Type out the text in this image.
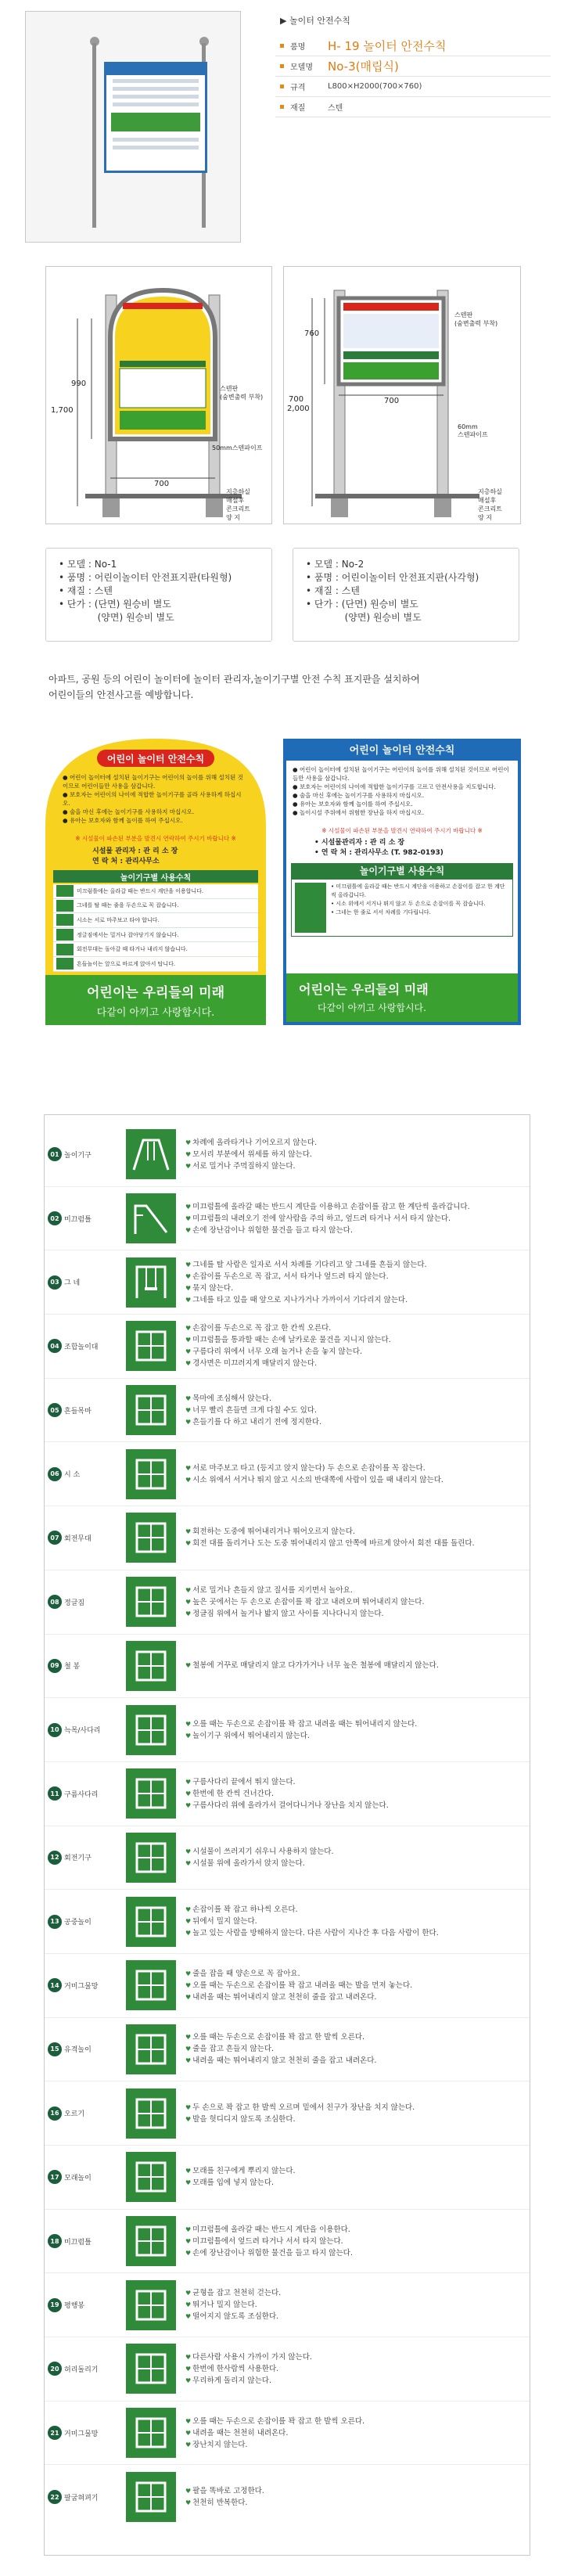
▶ 놀이터 안전수칙
품명	H- 19 놀이터 안전수칙
모델명	No-3(매립식)
규격	L800×H2000(700×760)
재질	스텐
1,700
990
700
스텐판
(숨변출력 부착)
50mm스텐파이프
지층하실
매설후
콘크리트
양 지
2,000
760
700	700
스텐판
(숨변출력 부착)
60mm
스텐파이프
지층하실
매설후
콘크리트
양 지
• 모델 : No-1
• 품명 : 어린이놀이터 안전표지판(타원형)
• 재질 : 스텐
• 단가 : (단면) 원승비 별도
(양면) 원승비 별도
• 모델 : No-2
• 품명 : 어린이놀이터 안전표지판(사각형)
• 재질 : 스텐
• 단가 : (단면) 원승비 별도
(양면) 원승비 별도
아파트, 공원 등의 어린이 놀이터에 놀이터 관리자,놀이기구별 안전 수칙 표지판을 설치하여
어린이들의 안전사고를 예방합니다.
어린이 놀이터 안전수칙
● 어린이 놀이터에 설치된 놀이기구는 어린이의 놀이를 위해 설치된 것이므로 어린이들만 사용을 삼갑니다.
● 보호자는 어린이의 나이에 적합한 놀이기구를 골라 사용하게 하십시오.
● 술을 마신 후에는 놀이기구를 사용하지 마십시오.
● 유아는 보호자와 함께 놀이를 하여 주십시오.
※ 시설물이 파손된 부분을 발견시 연락하여 주시기 바랍니다 ※
시설물 관리자 : 관 리 소 장
연 락 처 : 관리사무소
놀이기구별 사용수칙
미끄럼틀에는 올라갈 때는 반드시 계단을 이용합니다.
그네를 탈 때는 줄을 두손으로 꼭 잡습니다.
시소는 서로 마주보고 타야 합니다.
정글짐에서는 밀거나 잡아당기지 않습니다.
회전무대는 돌아갈 때 타거나 내리지 않습니다.
흔들놀이는 앞으로 바르게 앉아서 탑니다.
어린이는 우리들의 미래
다같이 아끼고 사랑합시다.
어린이 놀이터 안전수칙
● 어린이 놀이터에 설치된 놀이기구는 어린이의 놀이를 위해 설치된 것이므로 어린이들만 사용을 삼갑니다.
● 보호자는 어린이의 나이에 적합한 놀이기구를 고르고 안전사용을 지도합니다.
● 술을 마신 후에는 놀이기구를 사용하지 마십시오.
● 유아는 보호자와 함께 놀이를 하여 주십시오.
● 놀이시설 주위에서 위험한 장난을 하지 마십시오.
※ 시설물이 파손된 부분을 발견시 연락하여 주시기 바랍니다 ※
• 시설물관리자 : 관 리 소 장
• 연 락 처 : 관리사무소 (T. 982-0193)
놀이기구별 사용수칙
• 미끄럼틀에 올라갈 때는 반드시 계단을 이용하고 손잡이를 잡고 한 계단씩 올라갑니다.
• 시소 위에서 서거나 뛰지 않고 두 손으로 손잡이를 꼭 잡습니다.
• 그네는 한 줄로 서서 차례를 기다립니다.
어린이는 우리들의 미래
다같이 아끼고 사랑합시다.
01 놀이기구
♥ 차례에 올라타거나 기어오르지 않는다.
♥ 모서리 부분에서 위세를 하지 않는다.
♥ 서로 밀거나 주먹질하지 않는다.
02 미끄럼틀
♥ 미끄럼틀에 올라갈 때는 반드시 계단을 이용하고 손잡이를 잡고 한 계단씩 올라갑니다.
♥ 미끄럼틀의 내려오기 전에 앞사람을 주의 하고, 엎드려 타거나 서서 타지 않는다.
♥ 손에 장난감이나 위험한 물건을 들고 타지 않는다.
03 그 네
♥ 그네를 탈 사람은 일자로 서서 차례를 기다리고 앞 그네를 흔들지 않는다.
♥ 손잡이를 두손으로 꼭 잡고, 서서 타거나 엎드려 타지 않는다.
♥ 묶지 않는다.
♥ 그네를 타고 있을 때 앞으로 지나가거나 가까이서 기다리지 않는다.
04 조합놀이대
♥ 손잡이를 두손으로 꼭 잡고 한 칸씩 오른다.
♥ 미끄럼틀을 통과할 때는 손에 날카로운 물건을 지니지 않는다.
♥ 구름다리 위에서 너무 오래 놀거나 손을 놓지 않는다.
♥ 경사면은 미끄러지게 매달리지 않는다.
05 흔들목마
♥ 목마에 조심해서 앉는다.
♥ 너무 빨리 흔들면 크게 다칠 수도 있다.
♥ 흔들기를 다 하고 내리기 전에 정지한다.
06 시 소
♥ 서로 마주보고 타고 (등지고 앉지 않는다) 두 손으로 손잡이를 꼭 잡는다.
♥ 시소 위에서 서거나 뛰지 않고 시소의 반대쪽에 사람이 있을 때 내리지 않는다.
07 회전무대
♥ 회전하는 도중에 뛰어내리거나 뛰어오르지 않는다.
♥ 회전 대를 돌리거나 도는 도중 뛰어내리지 않고 안쪽에 바르게 앉아서 회전 대를 돌린다.
08 정글짐
♥ 서로 밀거나 흔들지 않고 질서를 지키면서 놀아요.
♥ 높은 곳에서는 두 손으로 손잡이를 꽉 잡고 내려오며 뛰어내리지 않는다.
♥ 정글짐 위에서 놀거나 밟지 않고 사이를 지나다니지 않는다.
09 철 봉
♥	철봉에 거꾸로 매달리지 않고 다가가거나 너무 높은 철봉에 매달리지 않는다.
10 늑목/사다리
♥ 오를 때는 두손으로 손잡이를 꽉 잡고 내려올 때는 뛰어내리지 않는다.
♥ 놀이기구 위에서 뛰어내리지 않는다.
11 구름사다리
♥ 구름사다리 끝에서 뛰지 않는다.
♥ 한번에 한 칸씩 건너간다.
♥ 구름사다리 위에 올라가서 걸어다니거나 장난을 치지 않는다.
12 회전기구
♥ 시설물이 쓰러지기 쉬우니 사용하지 않는다.
♥ 시설물 위에 올라가서 앉지 않는다.
13 공중놀이
♥ 손잡이를 꽉 잡고 하나씩 오른다.
♥ 뒤에서 밀지 않는다.
♥ 놀고 있는 사람을 방해하지 않는다. 다른 사람이 지나간 후 다음 사람이 한다.
14 거미그물망
♥ 줄을 잡을 때 양손으로 꼭 잡아요.
♥ 오를 때는 두손으로 손잡이를 꽉 잡고 내려올 때는 발을 먼저 놓는다.
♥ 내려올 때는 뛰어내리지 않고 천천히 줄을 잡고 내려온다.
15 유격놀이
♥ 오를 때는 두손으로 손잡이를 꽉 잡고 한 발씩 오른다.
♥ 줄을 잡고 흔들지 않는다.
♥ 내려올 때는 뛰어내리지 않고 천천히 줄을 잡고 내려온다.
16 오르기
♥ 두 손으로 꽉 잡고 한 발씩 오르며 밑에서 친구가 장난을 치지 않는다.
♥ 발을 헛디디지 않도록 조심한다.
17 모래놀이
♥ 모래를 친구에게 뿌리지 않는다.
♥ 모래를 입에 넣지 않는다.
18 미끄럼틀
♥ 미끄럼틀에 올라갈 때는 반드시 계단을 이용한다.
♥ 미끄럼틀에서 엎드려 타거나 서서 타지 않는다.
♥ 손에 장난감이나 위험한 물건을 들고 타지 않는다.
19 평행봉
♥ 균형을 잡고 천천히 걷는다.
♥ 뛰거나 밀지 않는다.
♥ 떨어지지 않도록 조심한다.
20 허리돌리기
♥ 다른사람 사용시 가까이 가지 않는다.
♥ 한번에 한사람씩 사용한다.
♥ 무리하게 돌리지 않는다.
21 거미그물망
♥ 오를 때는 두손으로 손잡이를 꽉 잡고 한 발씩 오른다.
♥ 내려올 때는 천천히 내려온다.
♥ 장난치지 않는다.
22 팔굽혀펴기
♥ 팔을 똑바로 고정한다.
♥ 천천히 반복한다.
